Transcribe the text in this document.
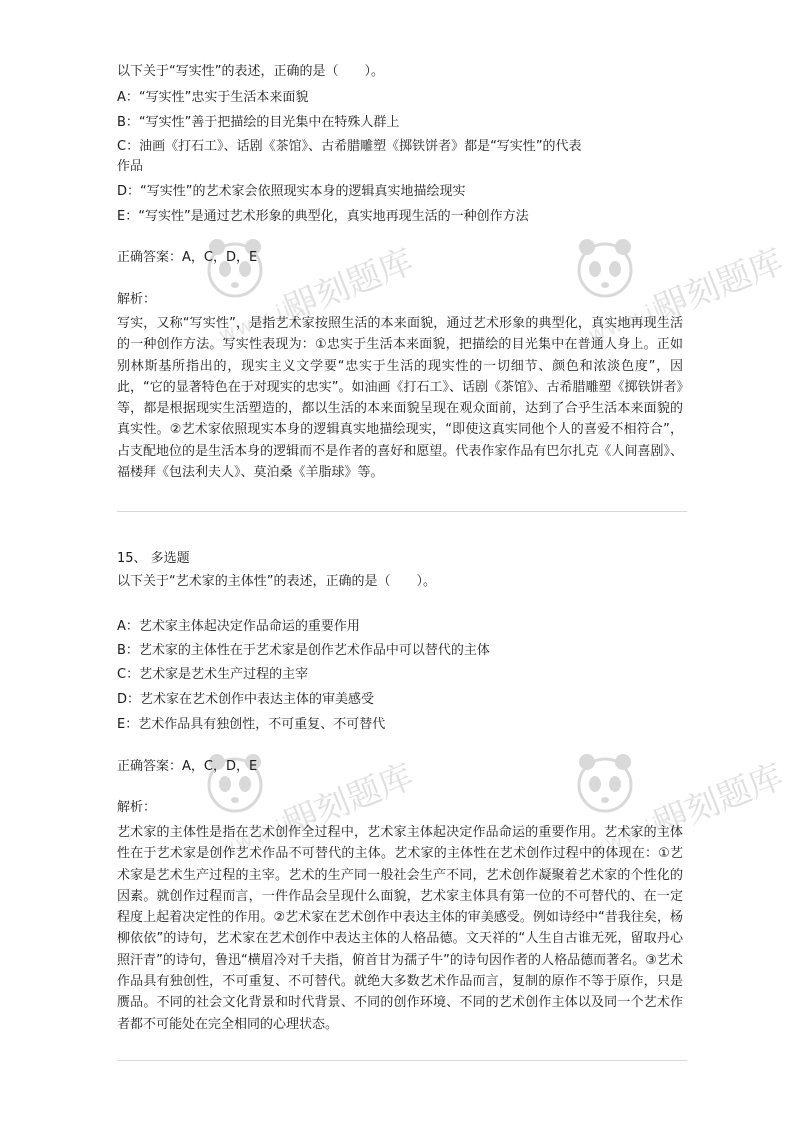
即刻题库
www.jike	即刻题库
www.jike
即刻题库
www.jike	即刻题库
www.jike
以下关于“写实性”的表述，正确的是（　　）。
A：“写实性”忠实于生活本来面貌
B：“写实性”善于把描绘的目光集中在特殊人群上
C：油画《打石工》、话剧《茶馆》、古希腊雕塑《掷铁饼者》都是“写实性”的代表
作品
D：“写实性”的艺术家会依照现实本身的逻辑真实地描绘现实
E：“写实性”是通过艺术形象的典型化，真实地再现生活的一种创作方法
正确答案：A，C，D，E
解析：
写实，又称“写实性”，是指艺术家按照生活的本来面貌，通过艺术形象的典型化，真实地再现生活的一种创作方法。写实性表现为：①忠实于生活本来面貌，把描绘的目光集中在普通人身上。正如别林斯基所指出的，现实主义文学要“忠实于生活的现实性的一切细节、颜色和浓淡色度”，因此，“它的显著特色在于对现实的忠实”。如油画《打石工》、话剧《茶馆》、古希腊雕塑《掷铁饼者》等，都是根据现实生活塑造的，都以生活的本来面貌呈现在观众面前，达到了合乎生活本来面貌的真实性。②艺术家依照现实本身的逻辑真实地描绘现实，“即使这真实同他个人的喜爱不相符合”，占支配地位的是生活本身的逻辑而不是作者的喜好和愿望。代表作家作品有巴尔扎克《人间喜剧》、福楼拜《包法利夫人》、莫泊桑《羊脂球》等。
15、 多选题
以下关于“艺术家的主体性”的表述，正确的是（　　）。
A：艺术家主体起决定作品命运的重要作用
B：艺术家的主体性在于艺术家是创作艺术作品中可以替代的主体
C：艺术家是艺术生产过程的主宰
D：艺术家在艺术创作中表达主体的审美感受
E：艺术作品具有独创性，不可重复、不可替代
正确答案：A，C，D，E
解析：
艺术家的主体性是指在艺术创作全过程中，艺术家主体起决定作品命运的重要作用。艺术家的主体性在于艺术家是创作艺术作品不可替代的主体。艺术家的主体性在艺术创作过程中的体现在：①艺术家是艺术生产过程的主宰。艺术的生产同一般社会生产不同，艺术创作凝聚着艺术家的个性化的因素。就创作过程而言，一件作品会呈现什么面貌，艺术家主体具有第一位的不可替代的、在一定程度上起着决定性的作用。②艺术家在艺术创作中表达主体的审美感受。例如诗经中“昔我往矣，杨柳依依”的诗句，艺术家在艺术创作中表达主体的人格品德。文天祥的“人生自古谁无死，留取丹心照汗青”的诗句，鲁迅“横眉冷对千夫指，俯首甘为孺子牛”的诗句因作者的人格品德而著名。③艺术作品具有独创性，不可重复、不可替代。就绝大多数艺术作品而言，复制的原作不等于原作，只是赝品。不同的社会文化背景和时代背景、不同的创作环境、不同的艺术创作主体以及同一个艺术作者都不可能处在完全相同的心理状态。
